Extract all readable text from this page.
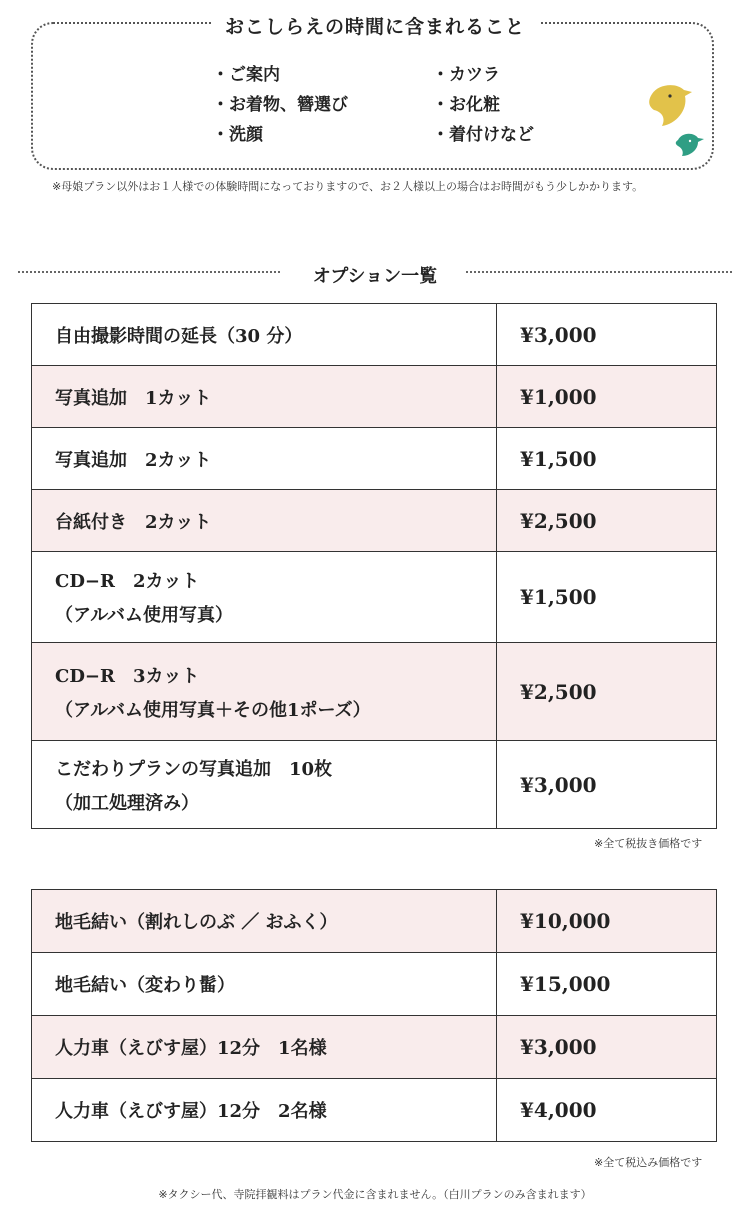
おこしらえの時間に含まれること
・ご案内
・お着物、簪選び
・洗顔
・カツラ
・お化粧
・着付けなど
※母娘プラン以外はお１人様での体験時間になっておりますので、お２人様以上の場合はお時間がもう少しかかります。
オプション一覧
自由撮影時間の延長（30 分）	¥3,000
写真追加　1カット	¥1,000
写真追加　2カット	¥1,500
台紙付き　2カット	¥2,500

CD−R　2カット
（アルバム使用写真）	¥1,500

CD−R　3カット
（アルバム使用写真＋その他1ポーズ）	¥2,500

こだわりプランの写真追加　10枚
（加工処理済み）	¥3,000
※全て税抜き価格です
地毛結い（割れしのぶ ／ おふく）	¥10,000
地毛結い（変わり髷）	¥15,000
人力車（えびす屋）12分　1名様	¥3,000
人力車（えびす屋）12分　2名様	¥4,000
※全て税込み価格です
※タクシー代、寺院拝観料はプラン代金に含まれません。（白川プランのみ含まれます）
